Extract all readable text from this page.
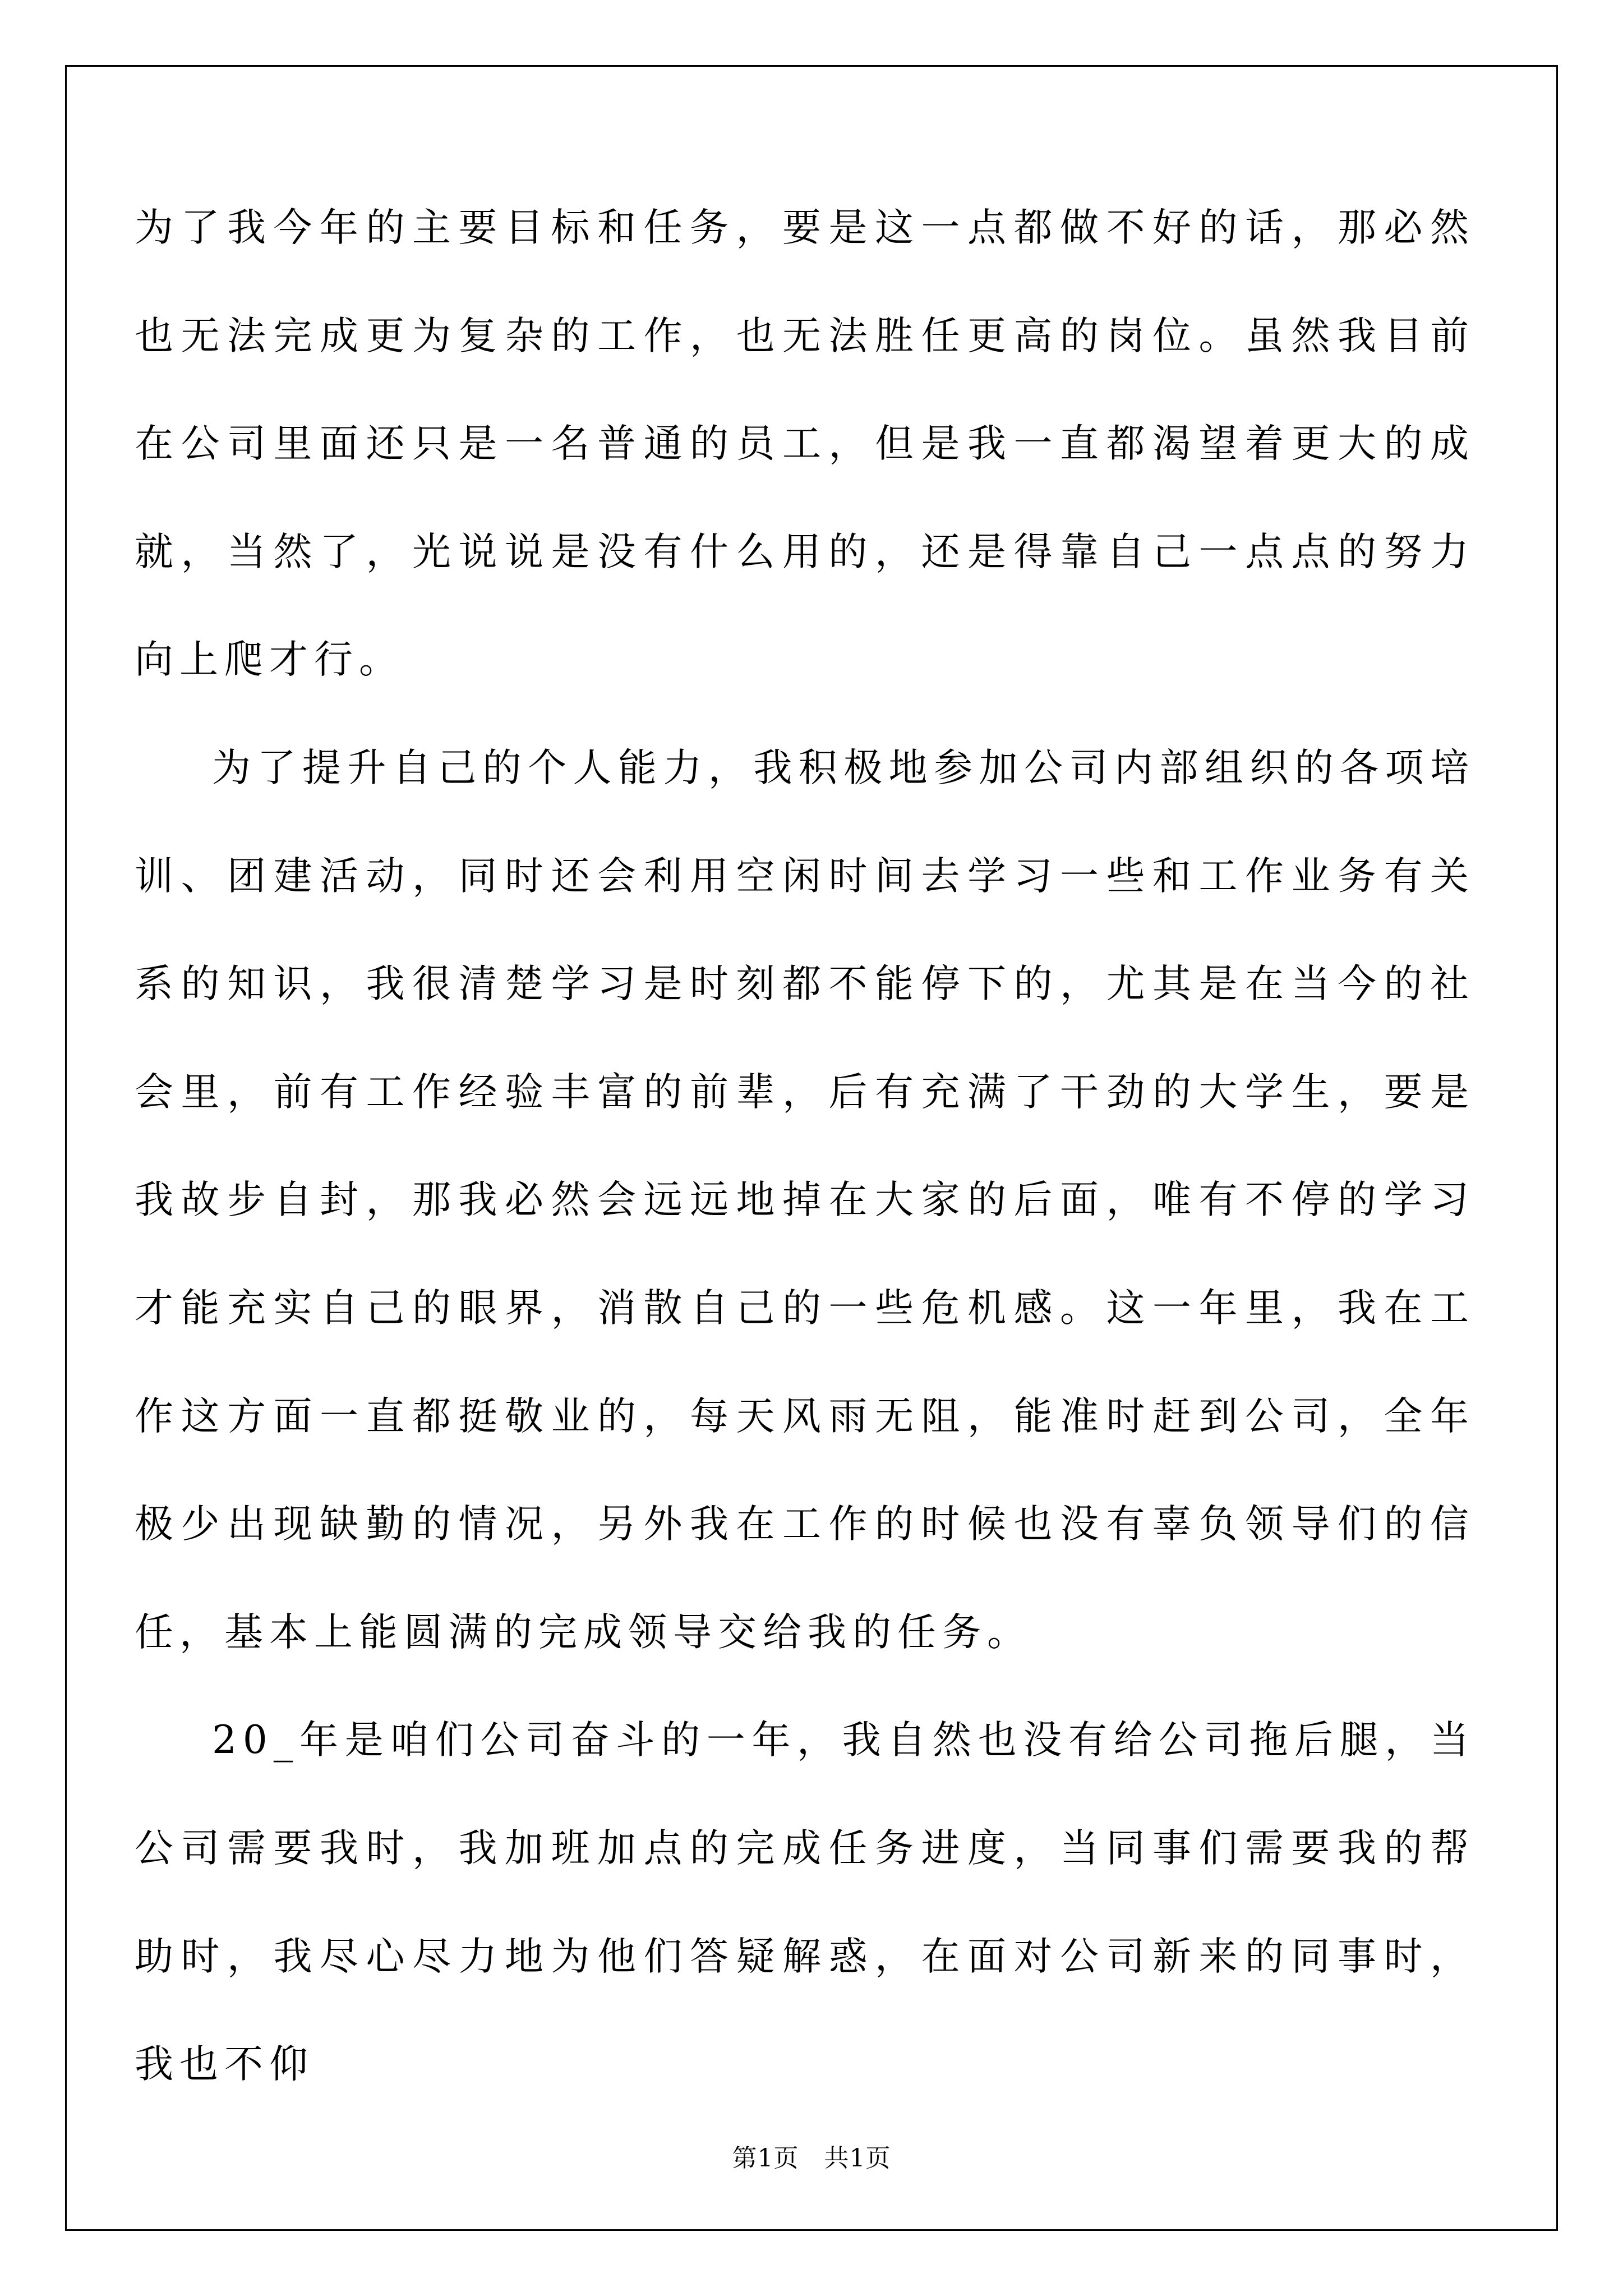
为了我今年的主要目标和任务，要是这一点都做不好的话，那必然也无法完成更为复杂的工作，也无法胜任更高的岗位。虽然我目前在公司里面还只是一名普通的员工，但是我一直都渴望着更大的成就，当然了，光说说是没有什么用的，还是得靠自己一点点的努力向上爬才行。

为了提升自己的个人能力，我积极地参加公司内部组织的各项培训、团建活动，同时还会利用空闲时间去学习一些和工作业务有关系的知识，我很清楚学习是时刻都不能停下的，尤其是在当今的社会里，前有工作经验丰富的前辈，后有充满了干劲的大学生，要是我故步自封，那我必然会远远地掉在大家的后面，唯有不停的学习才能充实自己的眼界，消散自己的一些危机感。这一年里，我在工作这方面一直都挺敬业的，每天风雨无阻，能准时赶到公司，全年极少出现缺勤的情况，另外我在工作的时候也没有辜负领导们的信任，基本上能圆满的完成领导交给我的任务。

20_年是咱们公司奋斗的一年，我自然也没有给公司拖后腿，当公司需要我时，我加班加点的完成任务进度，当同事们需要我的帮助时，我尽心尽力地为他们答疑解惑，在面对公司新来的同事时，我也不仰

第1页　共1页
